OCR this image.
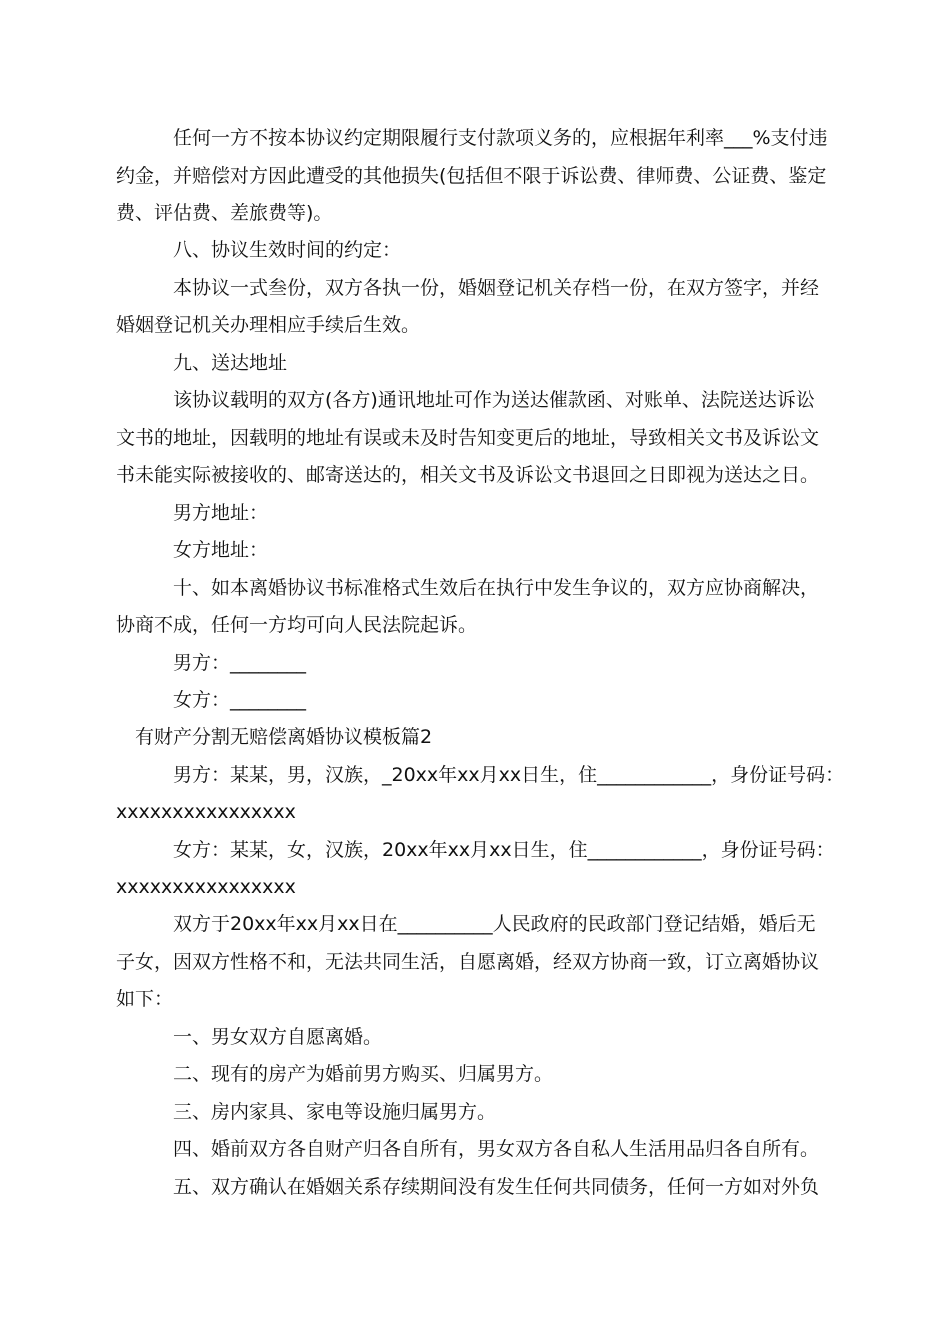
任何一方不按本协议约定期限履行支付款项义务的，应根据年利率___%支付违
约金，并赔偿对方因此遭受的其他损失(包括但不限于诉讼费、律师费、公证费、鉴定
费、评估费、差旅费等)。
八、协议生效时间的约定：
本协议一式叁份，双方各执一份，婚姻登记机关存档一份，在双方签字，并经
婚姻登记机关办理相应手续后生效。
九、送达地址
该协议载明的双方(各方)通讯地址可作为送达催款函、对账单、法院送达诉讼
文书的地址，因载明的地址有误或未及时告知变更后的地址，导致相关文书及诉讼文
书未能实际被接收的、邮寄送达的，相关文书及诉讼文书退回之日即视为送达之日。
男方地址：
女方地址：
十、如本离婚协议书标准格式生效后在执行中发生争议的，双方应协商解决，
协商不成，任何一方均可向人民法院起诉。
男方：________
女方：________
有财产分割无赔偿离婚协议模板篇2
男方：某某，男，汉族，_20xx年xx月xx日生，住____________，身份证号码：
xxxxxxxxxxxxxxxx
女方：某某，女，汉族，20xx年xx月xx日生，住____________，身份证号码：
xxxxxxxxxxxxxxxx
双方于20xx年xx月xx日在__________人民政府的民政部门登记结婚，婚后无
子女，因双方性格不和，无法共同生活，自愿离婚，经双方协商一致，订立离婚协议
如下：
一、男女双方自愿离婚。
二、现有的房产为婚前男方购买、归属男方。
三、房内家具、家电等设施归属男方。
四、婚前双方各自财产归各自所有，男女双方各自私人生活用品归各自所有。
五、双方确认在婚姻关系存续期间没有发生任何共同债务，任何一方如对外负
